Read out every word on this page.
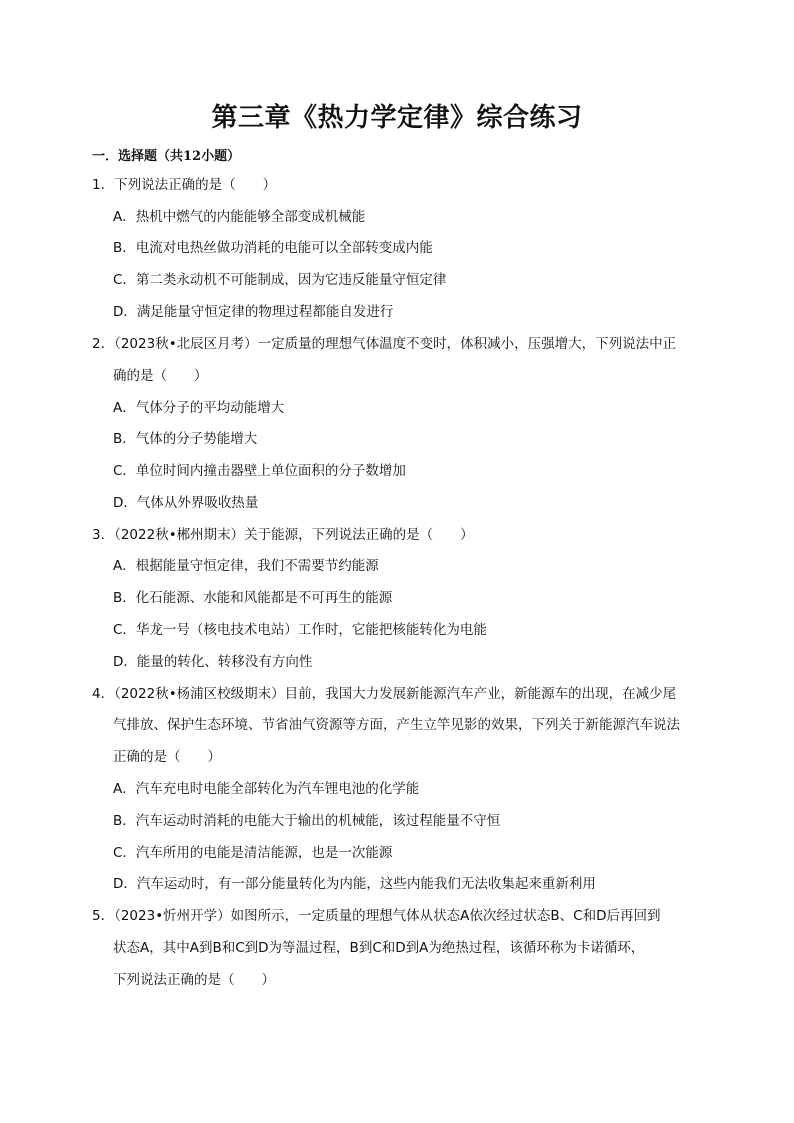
第三章《热力学定律》综合练习
一．选择题（共12小题）
1．下列说法正确的是（　　）
A．热机中燃气的内能能够全部变成机械能
B．电流对电热丝做功消耗的电能可以全部转变成内能
C．第二类永动机不可能制成，因为它违反能量守恒定律
D．满足能量守恒定律的物理过程都能自发进行
2．（2023秋•北辰区月考）一定质量的理想气体温度不变时，体积减小，压强增大，下列说法中正
确的是（　　）
A．气体分子的平均动能增大
B．气体的分子势能增大
C．单位时间内撞击器壁上单位面积的分子数增加
D．气体从外界吸收热量
3．（2022秋•郴州期末）关于能源，下列说法正确的是（　　）
A．根据能量守恒定律，我们不需要节约能源
B．化石能源、水能和风能都是不可再生的能源
C．华龙一号（核电技术电站）工作时，它能把核能转化为电能
D．能量的转化、转移没有方向性
4．（2022秋•杨浦区校级期末）目前，我国大力发展新能源汽车产业，新能源车的出现，在减少尾
气排放、保护生态环境、节省油气资源等方面，产生立竿见影的效果，下列关于新能源汽车说法
正确的是（　　）
A．汽车充电时电能全部转化为汽车锂电池的化学能
B．汽车运动时消耗的电能大于输出的机械能，该过程能量不守恒
C．汽车所用的电能是清洁能源，也是一次能源
D．汽车运动时，有一部分能量转化为内能，这些内能我们无法收集起来重新利用
5．（2023•忻州开学）如图所示，一定质量的理想气体从状态A依次经过状态B、C和D后再回到
状态A，其中A到B和C到D为等温过程，B到C和D到A为绝热过程，该循环称为卡诺循环，
下列说法正确的是（　　）
